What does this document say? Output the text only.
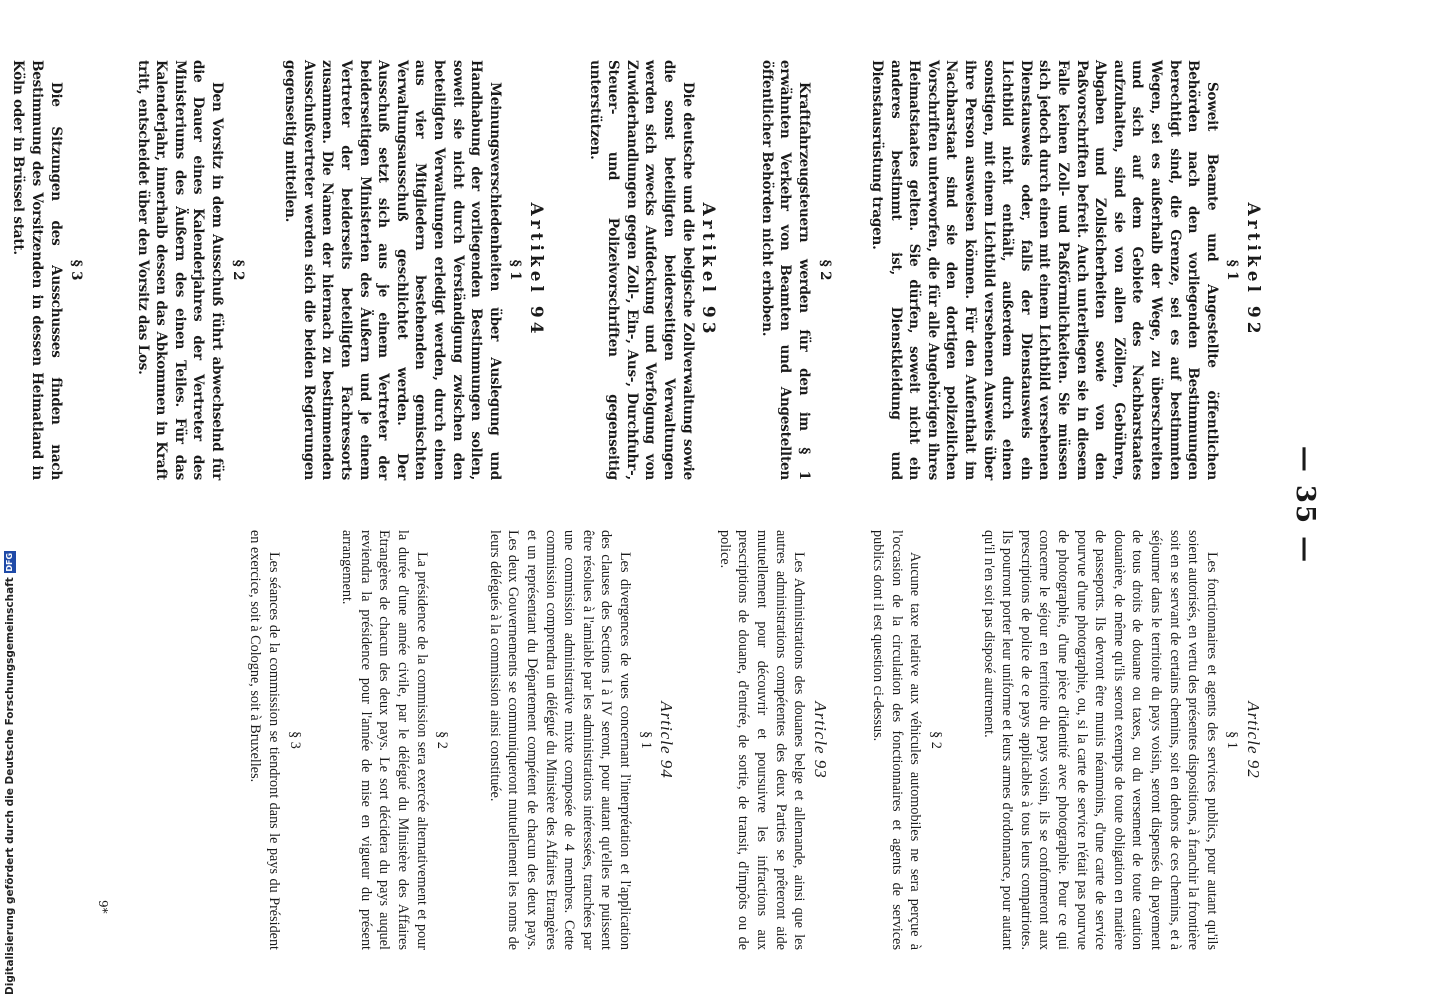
— 35 —
Artikel 92
§ 1

Soweit Beamte und Angestellte öffentlichen Behörden nach den vorliegenden Bestimmungen berechtigt sind, die Grenze, sei es auf bestimmten Wegen, sei es außerhalb der Wege, zu überschreiten und sich auf dem Gebiete des Nachbarstaates aufzuhalten, sind sie von allen Zöllen, Gebühren, Abgaben und Zollsicherheiten sowie von den Paßvorschriften befreit. Auch unterliegen sie in diesem Falle keinen Zoll- und Paßförmlichkeiten. Sie müssen sich jedoch durch einen mit einem Lichtbild versehenen Dienstausweis oder, falls der Dienstausweis ein Lichtbild nicht enthält, außerdem durch einen sonstigen, mit einem Lichtbild versehenen Ausweis über ihre Person ausweisen können. Für den Aufenthalt im Nachbarstaat sind sie den dortigen polizeilichen Vorschriften unterworfen, die für alle Angehörigen ihres Heimatstaates gelten. Sie dürfen, soweit nicht ein anderes bestimmt ist, Dienstkleidung und Dienstausrüstung tragen.

§ 2

Kraftfahrzeugsteuern werden für den im § 1 erwähnten Verkehr von Beamten und Angestellten öffentlicher Behörden nicht erhoben.

Artikel 93

Die deutsche und die belgische Zollverwaltung sowie die sonst beteiligten beiderseitigen Verwaltungen werden sich zwecks Aufdeckung und Verfolgung von Zuwiderhandlungen gegen Zoll-, Ein-, Aus-, Durchfuhr-, Steuer- und Polizeivorschriften gegenseitig unterstützen.

Artikel 94
§ 1

Meinungsverschiedenheiten über Auslegung und Handhabung der vorliegenden Bestimmungen sollen, soweit sie nicht durch Verständigung zwischen den beteiligten Verwaltungen erledigt werden, durch einen aus vier Mitgliedern bestehenden gemischten Verwaltungsausschuß geschlichtet werden. Der Ausschuß setzt sich aus je einem Vertreter der beiderseitigen Ministerien des Äußern und je einem Vertreter der beiderseits beteiligten Fachressorts zusammen. Die Namen der hiernach zu bestimmenden Ausschußvertreter werden sich die beiden Regierungen gegenseitig mitteilen.

§ 2

Den Vorsitz in dem Ausschuß führt abwechselnd für die Dauer eines Kalenderjahres der Vertreter des Ministeriums des Äußern des einen Teiles. Für das Kalenderjahr, innerhalb dessen das Abkommen in Kraft tritt, entscheidet über den Vorsitz das Los.

§ 3

Die Sitzungen des Ausschusses finden nach Bestimmung des Vorsitzenden in dessen Heimatland in Köln oder in Brüssel statt.

Article 92
§ 1

Les fonctionnaires et agents des services publics, pour autant qu'ils soient autorisés, en vertu des présentes dispositions, à franchir la frontière soit en se servant de certains chemins, soit en dehors de ces chemins, et à séjourner dans le territoire du pays voisin, seront dispensés du payement de tous droits de douane ou taxes, ou du versement de toute caution douanière, de même qu'ils seront exempts de toute obligation en matière de passeports. Ils devront être munis néanmoins, d'une carte de service pourvue d'une photographie, ou, si la carte de service n'était pas pourvue de photographie, d'une pièce d'identité avec photographie. Pour ce qui concerne le séjour en territoire du pays voisin, ils se conformeront aux prescriptions de police de ce pays applicables à tous leurs compatriotes. Ils pourront porter leur uniforme et leurs armes d'ordonnance, pour autant qu'il n'en soit pas disposé autrement.

§ 2

Aucune taxe relative aux véhicules automobiles ne sera perçue à l'occasion de la circulation des fonctionnaires et agents de services publics dont il est question ci-dessus.

Article 93

Les Administrations des douanes belge et allemande, ainsi que les autres administrations compétentes des deux Parties se prêteront aide mutuellement pour découvrir et poursuivre les infractions aux prescriptions de douane, d'entrée, de sortie, de transit, d'impôts ou de police.

Article 94
§ 1

Les divergences de vues concernant l'interprétation et l'application des clauses des Sections I à IV seront, pour autant qu'elles ne puissent être résolues à l'amiable par les administrations intéressées, tranchées par une commission administrative mixte composée de 4 membres. Cette commission comprendra un délégué du Ministère des Affaires Etrangères et un représentant du Département compétent de chacun des deux pays. Les deux Gouvernements se communiqueront mutuellement les noms de leurs délégués à la commission ainsi constituée.

§ 2

La présidence de la commission sera exercée alternativement et pour la durée d'une année civile, par le délégué du Ministère des Affaires Etrangères de chacun des deux pays. Le sort décidera du pays auquel reviendra la présidence pour l'année de mise en vigueur du présent arrangement.

§ 3

Les séances de la commission se tiendront dans le pays du Président en exercice, soit à Cologne, soit à Bruxelles.

9*
Digitalisierung gefördert durch die Deutsche Forschungsgemeinschaft
DFG
